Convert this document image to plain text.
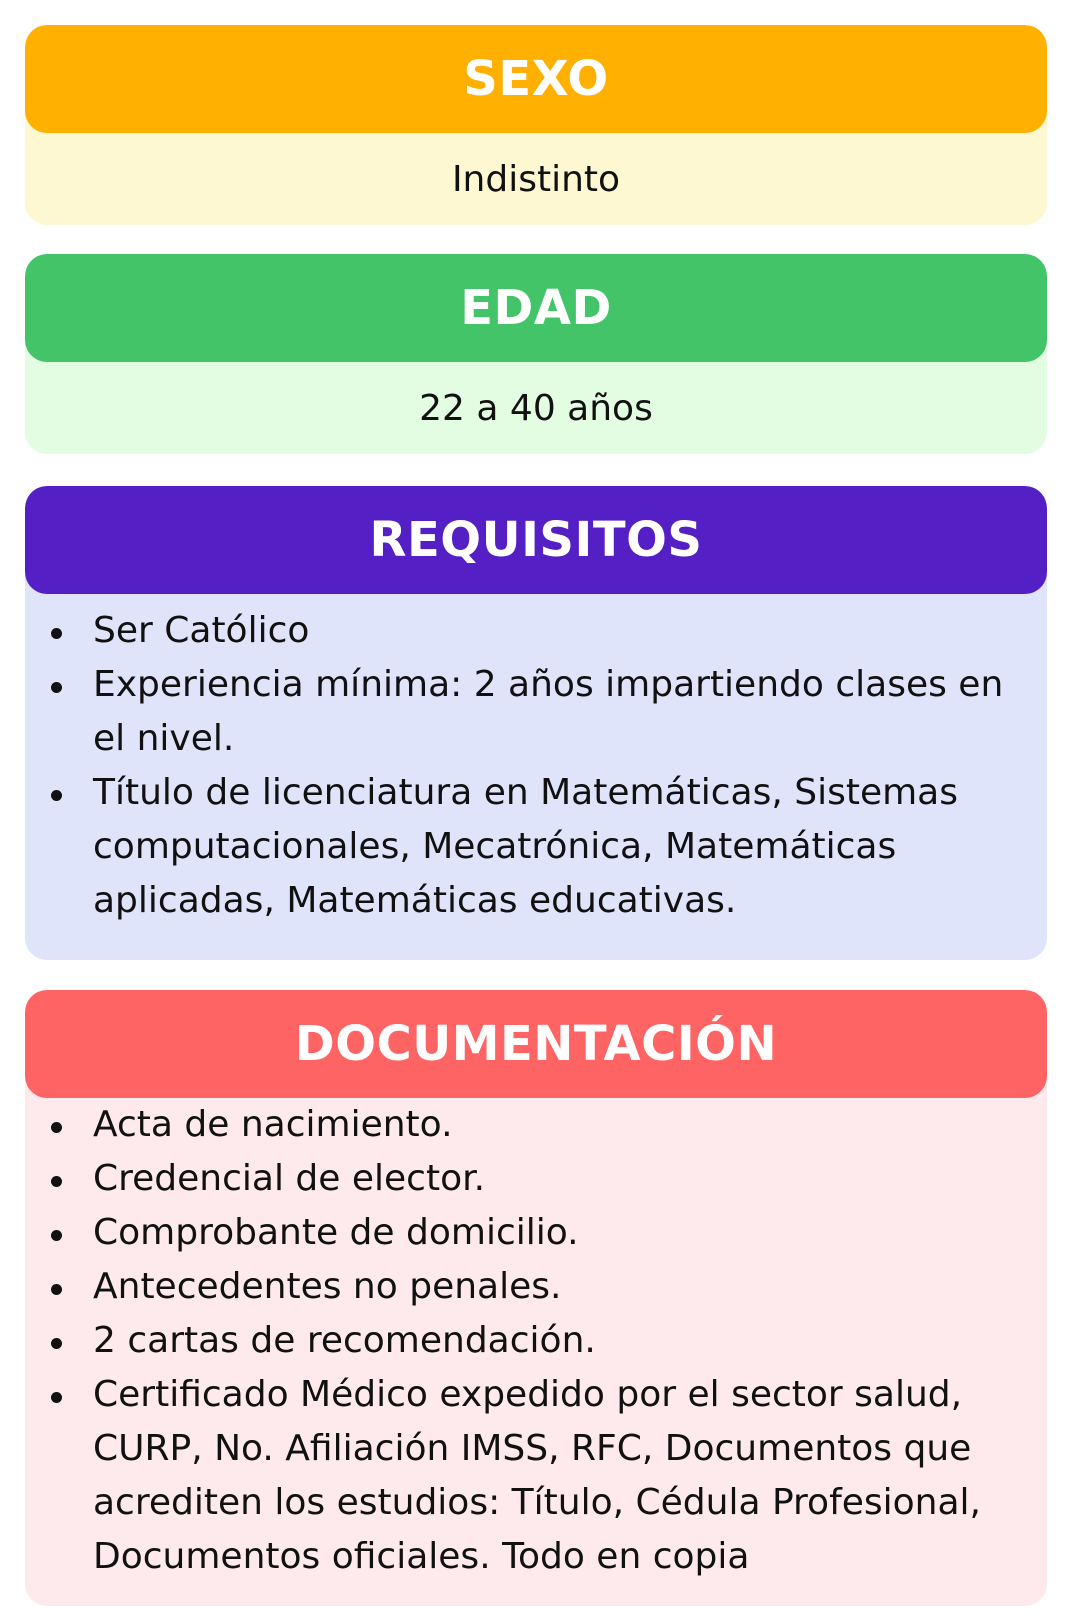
SEXO
Indistinto
EDAD
22 a 40 años
REQUISITOS
Ser Católico
Experiencia mínima: 2 años impartiendo clases en el nivel.
Título de licenciatura en Matemáticas, Sistemas computacionales, Mecatrónica, Matemáticas aplicadas, Matemáticas educativas.
DOCUMENTACIÓN
Acta de nacimiento.
Credencial de elector.
Comprobante de domicilio.
Antecedentes no penales.
2 cartas de recomendación.
Certificado Médico expedido por el sector salud, CURP, No. Afiliación IMSS, RFC, Documentos que acrediten los estudios: Título, Cédula Profesional, Documentos oficiales. Todo en copia
